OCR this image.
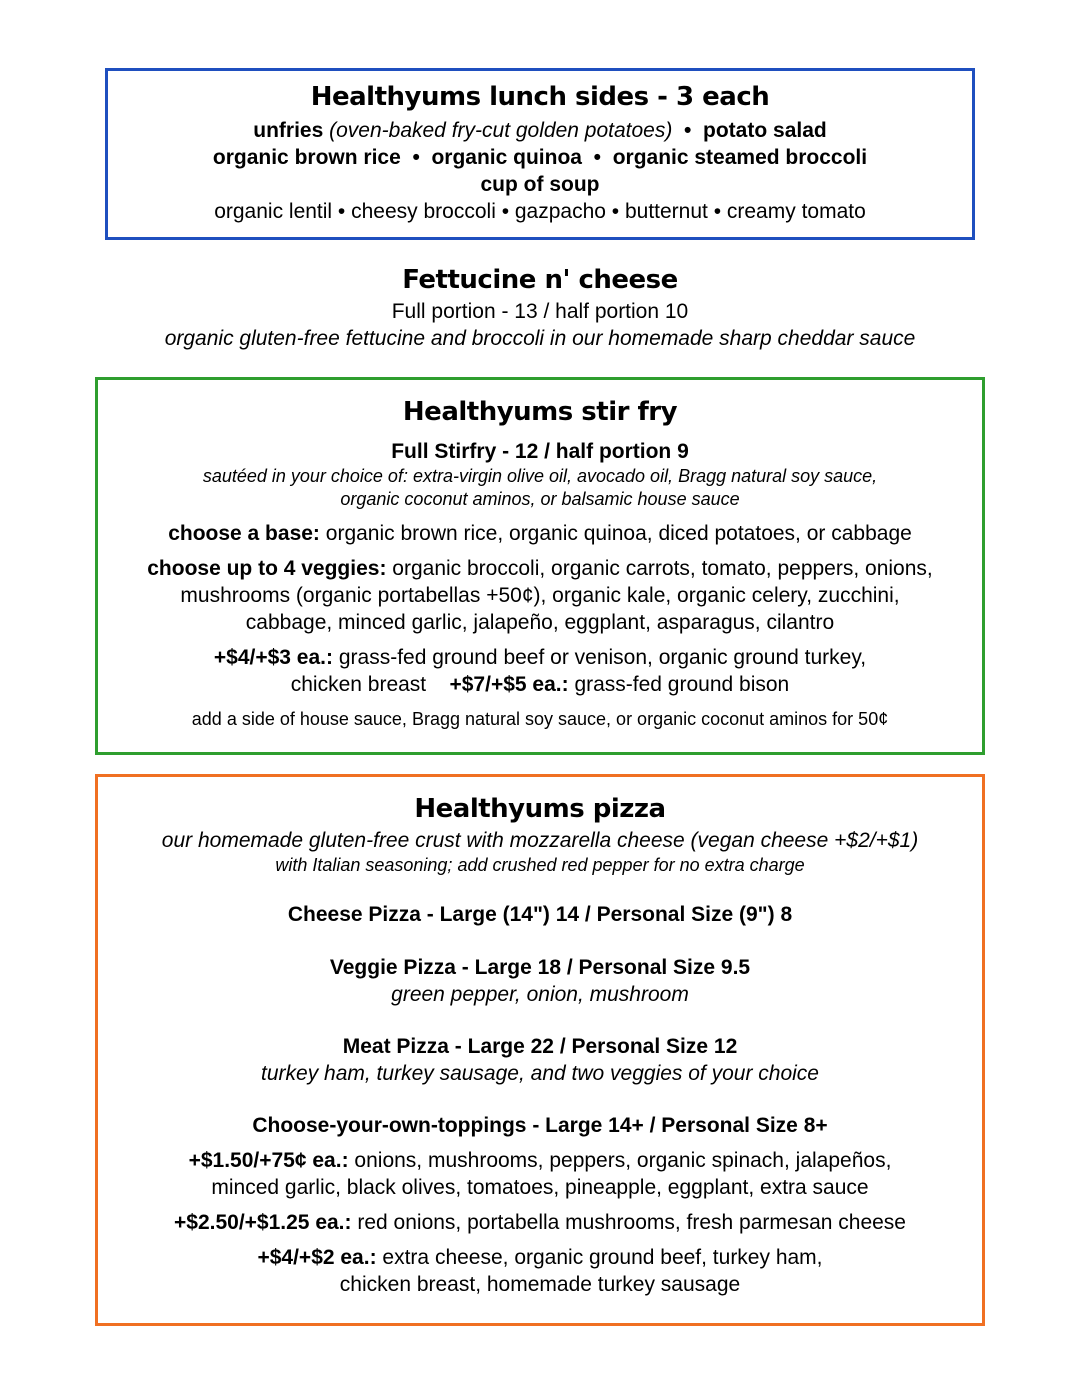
Healthyums lunch sides - 3 each
unfries (oven-baked fry-cut golden potatoes) • potato salad
organic brown rice • organic quinoa • organic steamed broccoli
cup of soup
organic lentil • cheesy broccoli • gazpacho • butternut • creamy tomato
Fettucine n' cheese
Full portion - 13 / half portion 10
organic gluten-free fettucine and broccoli in our homemade sharp cheddar sauce
Healthyums stir fry
Full Stirfry - 12 / half portion 9
sautéed in your choice of: extra-virgin olive oil, avocado oil, Bragg natural soy sauce,
organic coconut aminos, or balsamic house sauce
choose a base: organic brown rice, organic quinoa, diced potatoes, or cabbage
choose up to 4 veggies: organic broccoli, organic carrots, tomato, peppers, onions,
mushrooms (organic portabellas +50¢), organic kale, organic celery, zucchini,
cabbage, minced garlic, jalapeño, eggplant, asparagus, cilantro
+$4/+$3 ea.: grass-fed ground beef or venison, organic ground turkey,
chicken breast +$7/+$5 ea.: grass-fed ground bison
add a side of house sauce, Bragg natural soy sauce, or organic coconut aminos for 50¢
Healthyums pizza
our homemade gluten-free crust with mozzarella cheese (vegan cheese +$2/+$1)
with Italian seasoning; add crushed red pepper for no extra charge
Cheese Pizza - Large (14") 14 / Personal Size (9") 8
Veggie Pizza - Large 18 / Personal Size 9.5
green pepper, onion, mushroom
Meat Pizza - Large 22 / Personal Size 12
turkey ham, turkey sausage, and two veggies of your choice
Choose-your-own-toppings - Large 14+ / Personal Size 8+
+$1.50/+75¢ ea.: onions, mushrooms, peppers, organic spinach, jalapeños,
minced garlic, black olives, tomatoes, pineapple, eggplant, extra sauce
+$2.50/+$1.25 ea.: red onions, portabella mushrooms, fresh parmesan cheese
+$4/+$2 ea.: extra cheese, organic ground beef, turkey ham,
chicken breast, homemade turkey sausage
